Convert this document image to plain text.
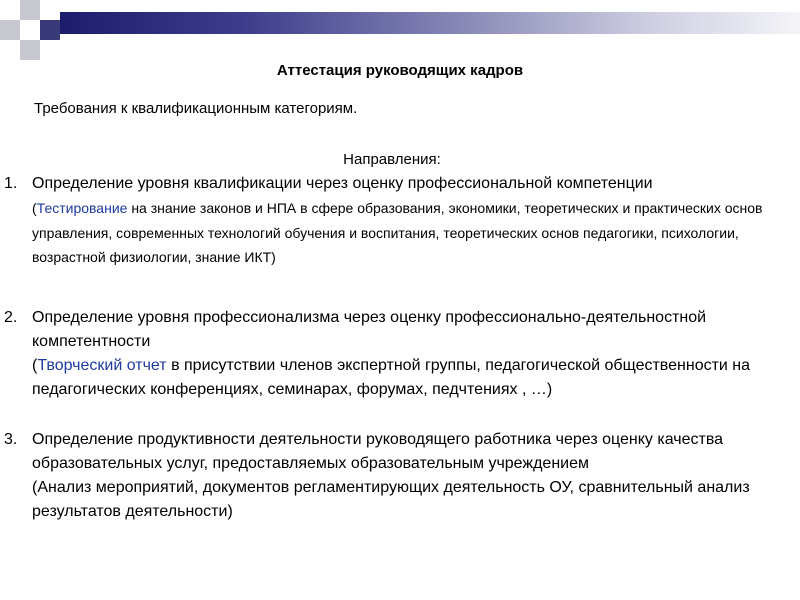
Аттестация руководящих кадров
Требования к квалификационным категориям.
Направления:
1. Определение уровня квалификации через оценку профессиональной компетенции
(Тестирование на знание законов и НПА в сфере образования, экономики, теоретических и практических основ управления, современных технологий обучения и воспитания, теоретических основ педагогики, психологии, возрастной физиологии, знание ИКТ)
2. Определение уровня профессионализма через оценку профессионально-деятельностной компетентности
(Творческий отчет в присутствии членов экспертной группы, педагогической общественности на педагогических конференциях, семинарах, форумах, педчтениях , …)
3. Определение продуктивности деятельности руководящего работника через оценку качества образовательных услуг, предоставляемых образовательным учреждением
(Анализ мероприятий, документов регламентирующих деятельность ОУ, сравнительный анализ результатов деятельности)
